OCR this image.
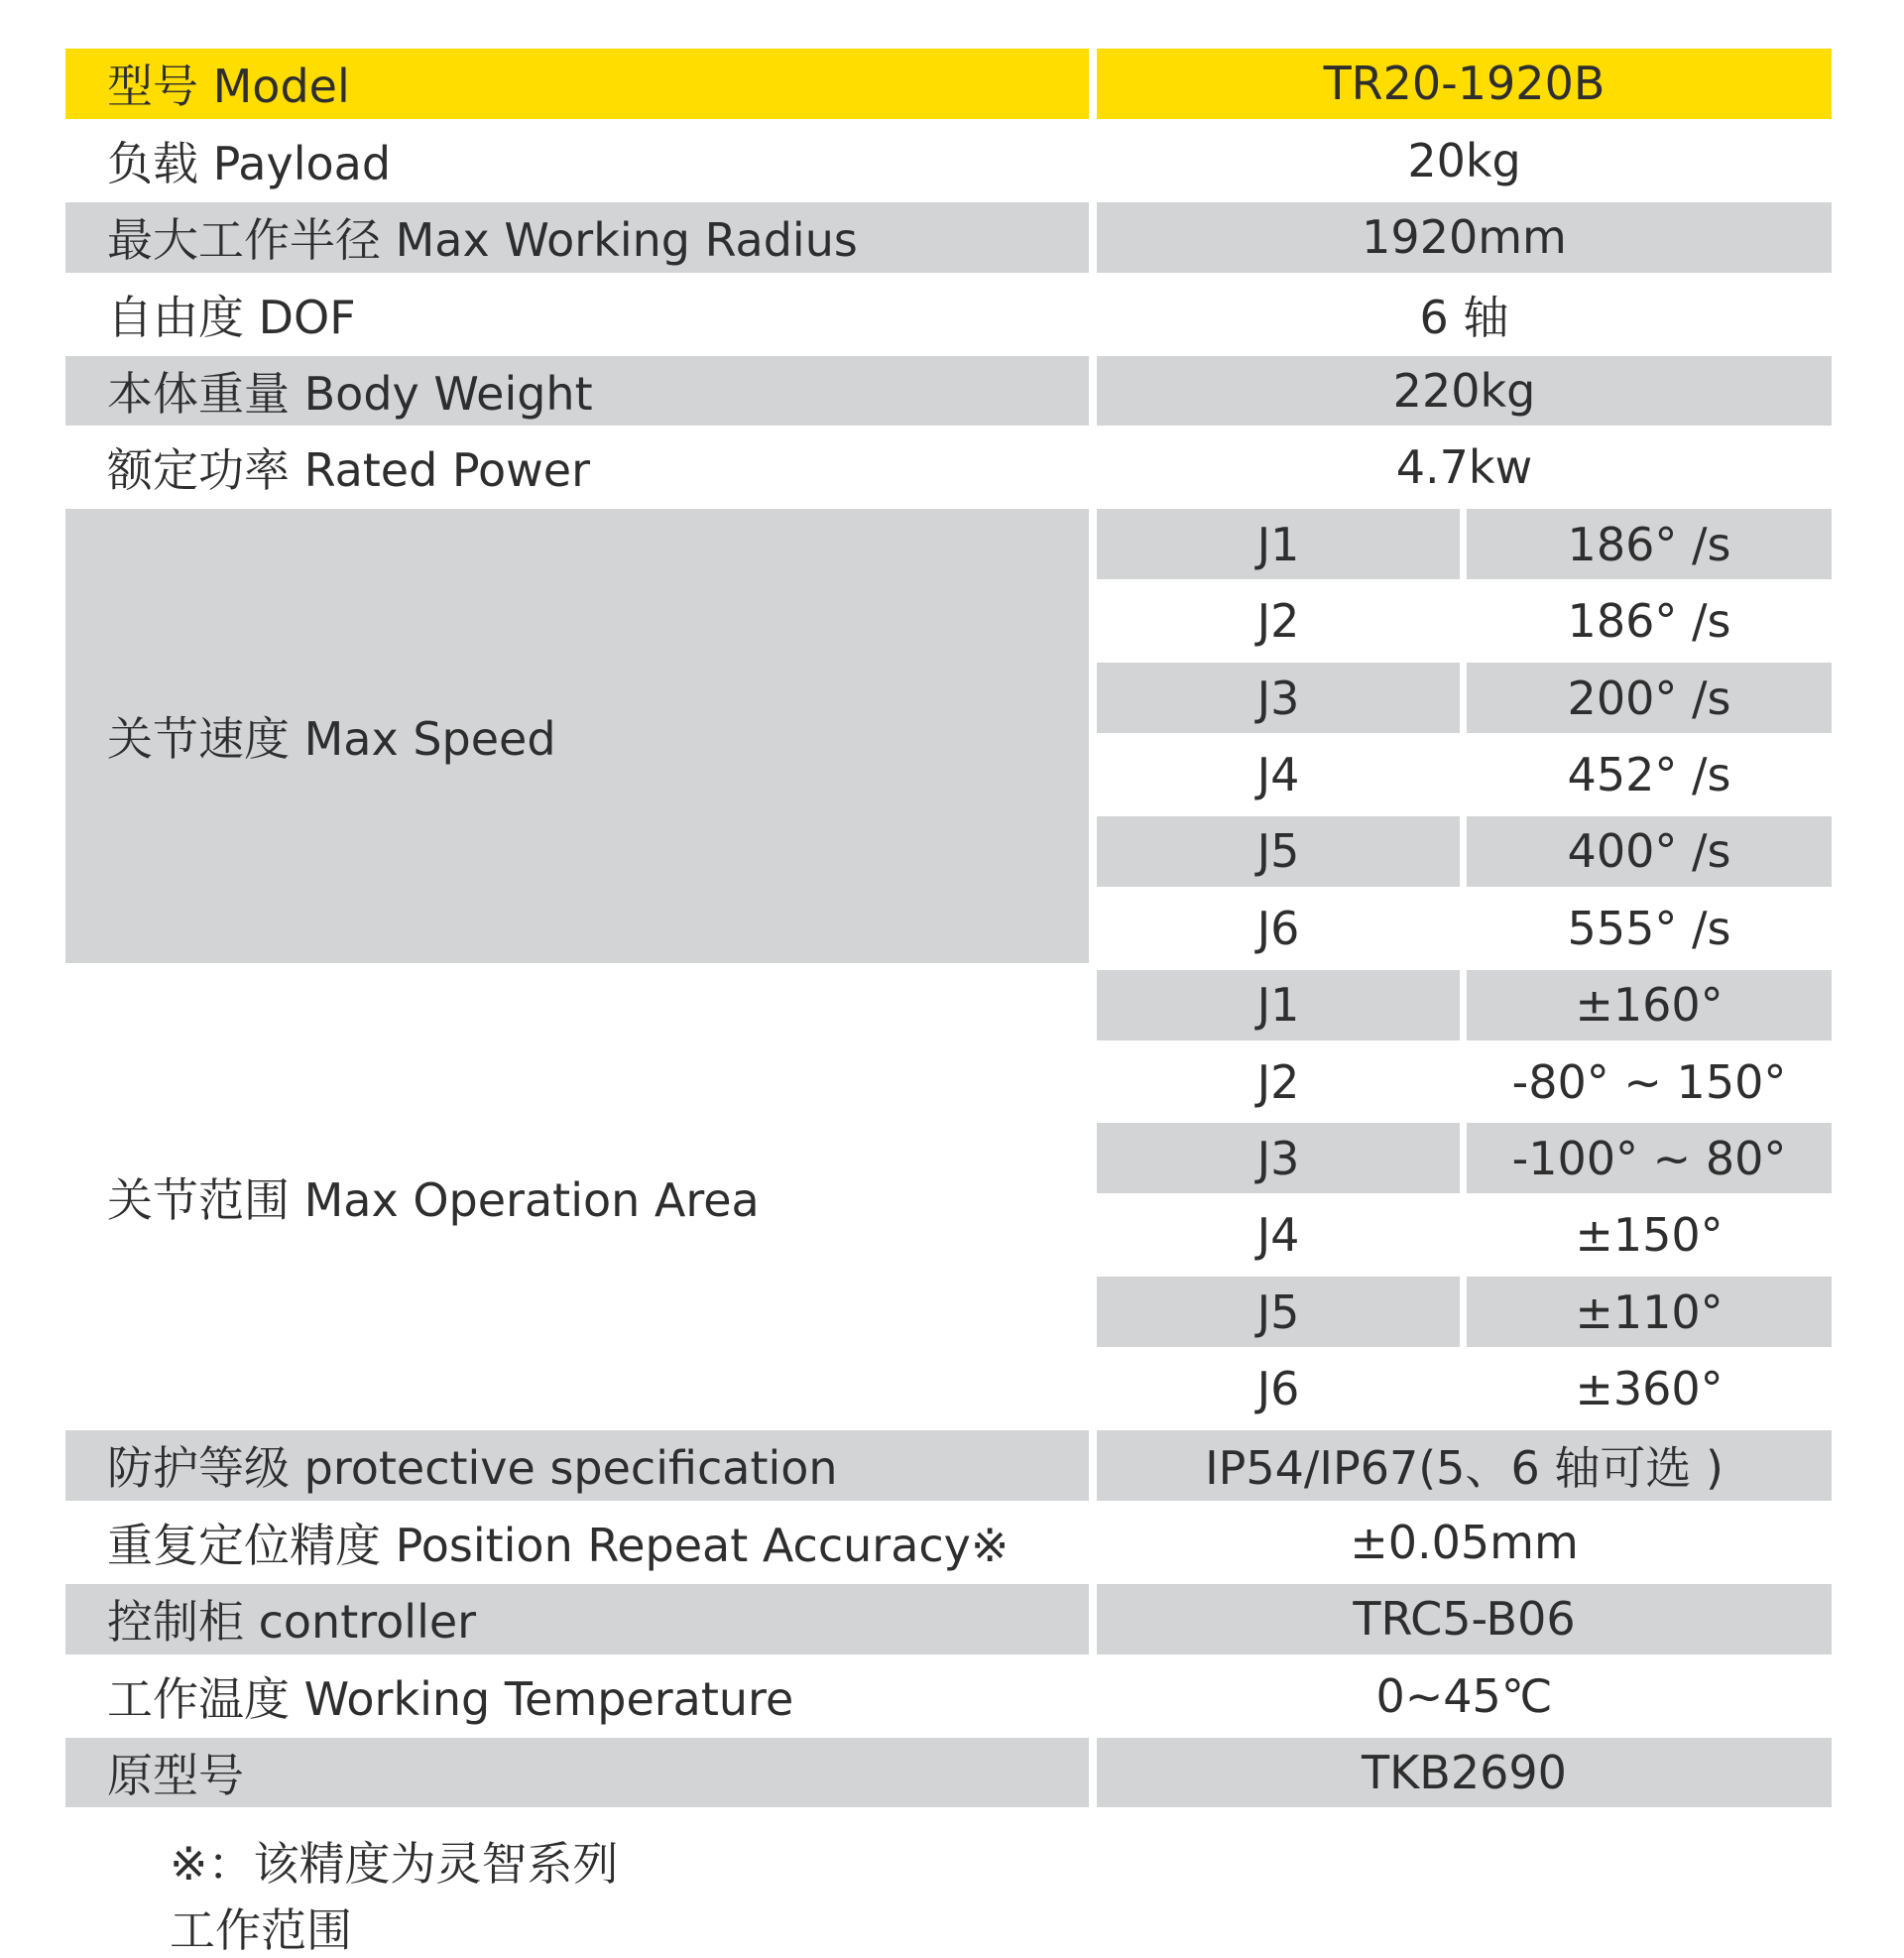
型号 Model	TR20-1920B
负载 Payload	20kg
最大工作半径 Max Working Radius	1920mm
自由度 DOF	6 轴
本体重量 Body Weight	220kg
额定功率 Rated Power	4.7kw
关节速度 Max Speed
J1	186° /s
J2	186° /s
J3	200° /s
J4	452° /s
J5	400° /s
J6	555° /s
关节范围 Max Operation Area
J1	±160°
J2	-80° ~ 150°
J3	-100° ~ 80°
J4	±150°
J5	±110°
J6	±360°
防护等级 protective specification	IP54/IP67(5、6 轴可选 )
重复定位精度 Position Repeat Accuracy※	±0.05mm
控制柜 controller	TRC5-B06
工作温度 Working Temperature	0~45℃
原型号	TKB2690
※：该精度为灵智系列
工作范围
